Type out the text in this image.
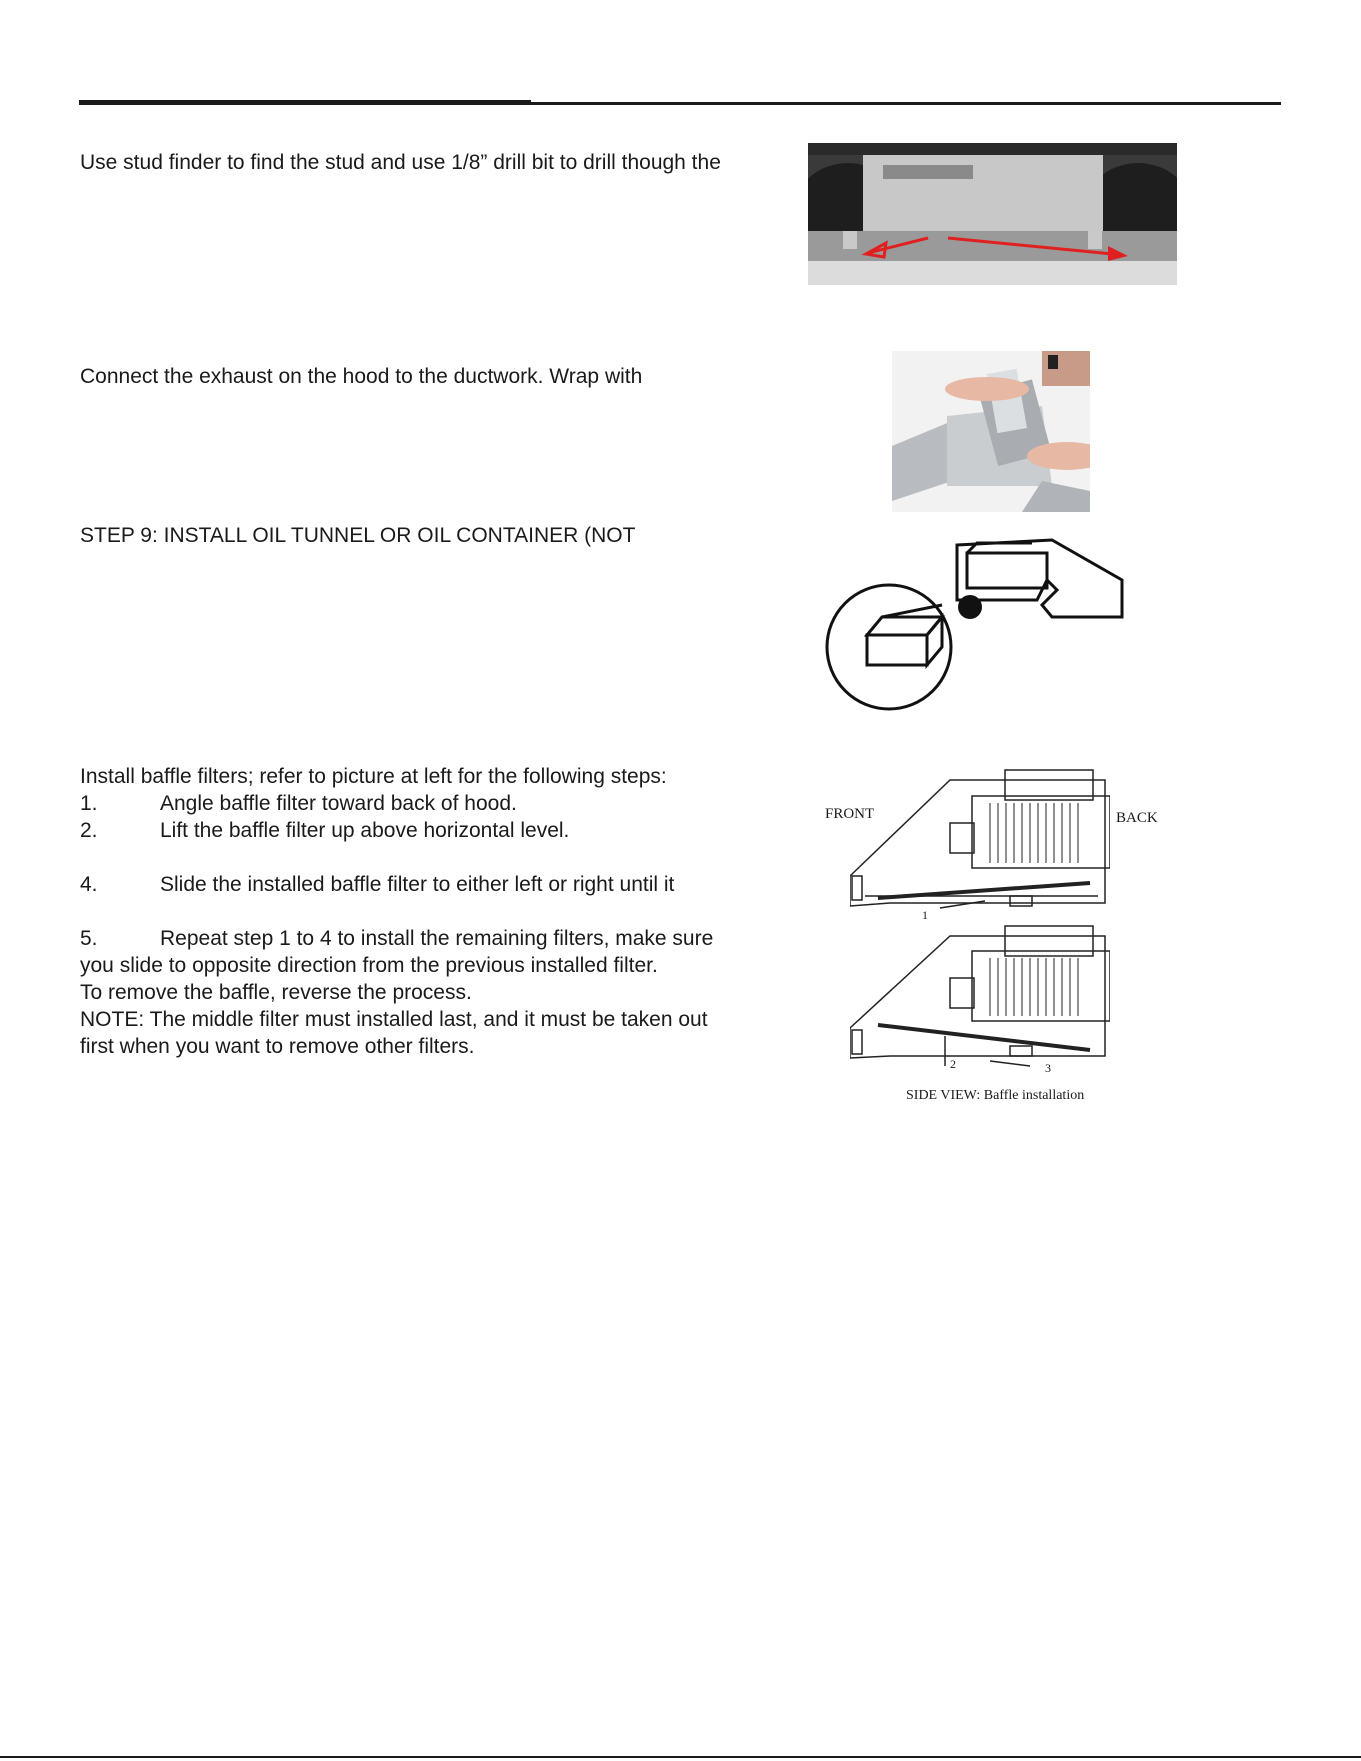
Use stud finder to find the stud and use 1/8” drill bit to drill though the
Connect the exhaust on the hood to the ductwork. Wrap with
STEP 9: INSTALL OIL TUNNEL OR OIL CONTAINER (NOT
Install baffle filters; refer to picture at left for the following steps:
1.	Angle baffle filter toward back of hood.
2.	Lift the baffle filter up above horizontal level.
4.	Slide the installed baffle filter to either left or right until it
5.	Repeat step 1 to 4 to install the remaining filters, make sure
you slide to opposite direction from the previous installed filter.
To remove the baffle, reverse the process.
NOTE: The middle filter must installed last, and it must be taken out
first when you want to remove other filters.
FRONT	BACK
1
2	3
SIDE VIEW: Baffle installation
